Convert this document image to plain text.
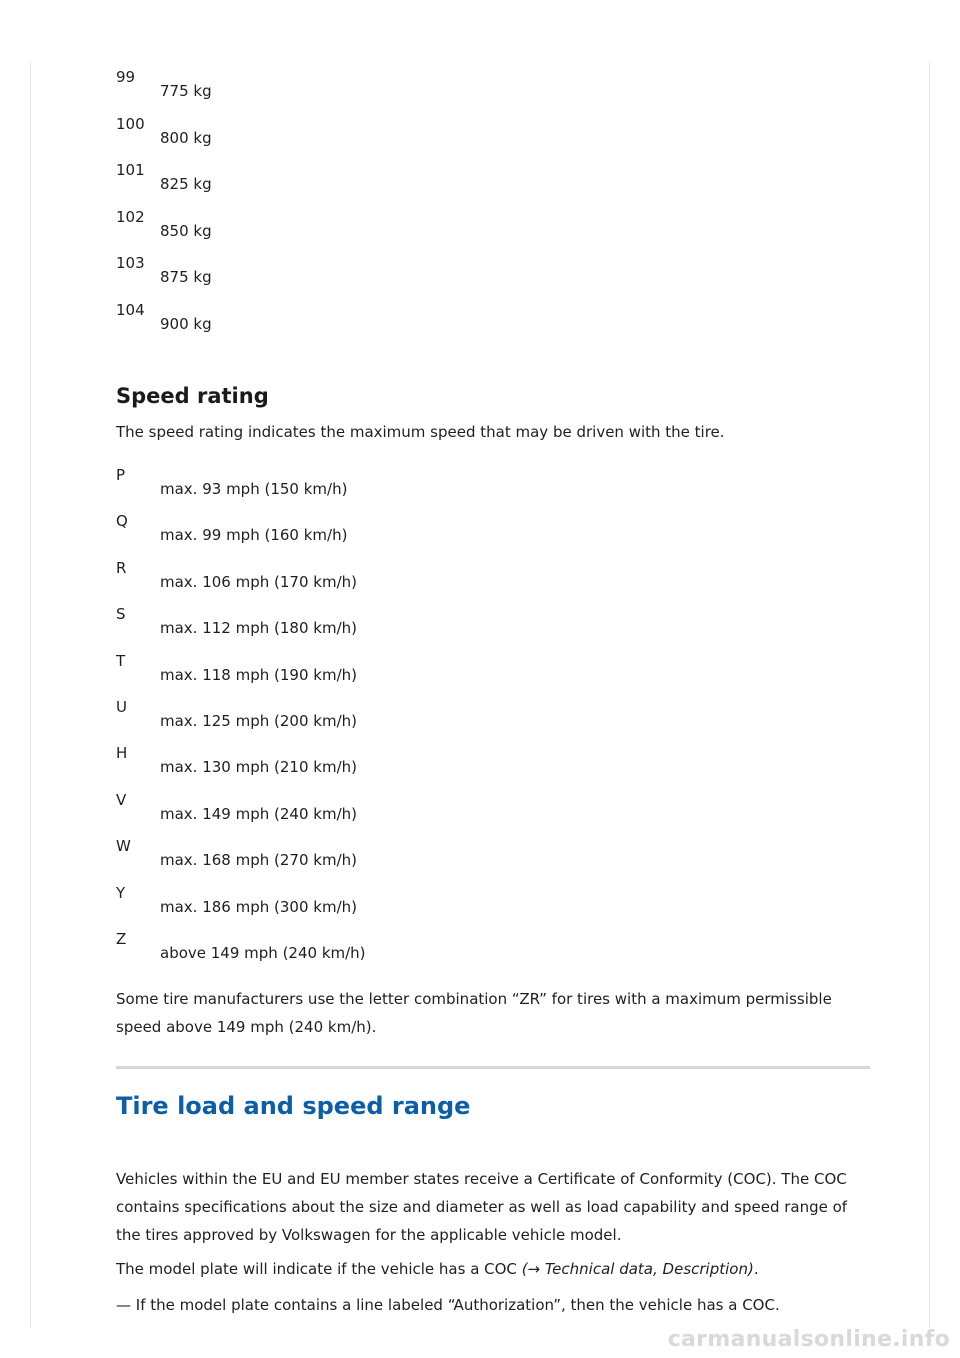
99
775 kg
100
800 kg
101
825 kg
102
850 kg
103
875 kg
104
900 kg
Speed rating

The speed rating indicates the maximum speed that may be driven with the tire.

P
max. 93 mph (150 km/h)
Q
max. 99 mph (160 km/h)
R
max. 106 mph (170 km/h)
S
max. 112 mph (180 km/h)
T
max. 118 mph (190 km/h)
U
max. 125 mph (200 km/h)
H
max. 130 mph (210 km/h)
V
max. 149 mph (240 km/h)
W
max. 168 mph (270 km/h)
Y
max. 186 mph (300 km/h)
Z
above 149 mph (240 km/h)

Some tire manufacturers use the letter combination “ZR” for tires with a maximum permissible speed above 149 mph (240 km/h).

Tire load and speed range

Vehicles within the EU and EU member states receive a Certificate of Conformity (COC). The COC contains specifications about the size and diameter as well as load capability and speed range of the tires approved by Volkswagen for the applicable vehicle model.

The model plate will indicate if the vehicle has a COC (→ Technical data, Description).

— If the model plate contains a line labeled “Authorization”, then the vehicle has a COC.

carmanualsonline.info
